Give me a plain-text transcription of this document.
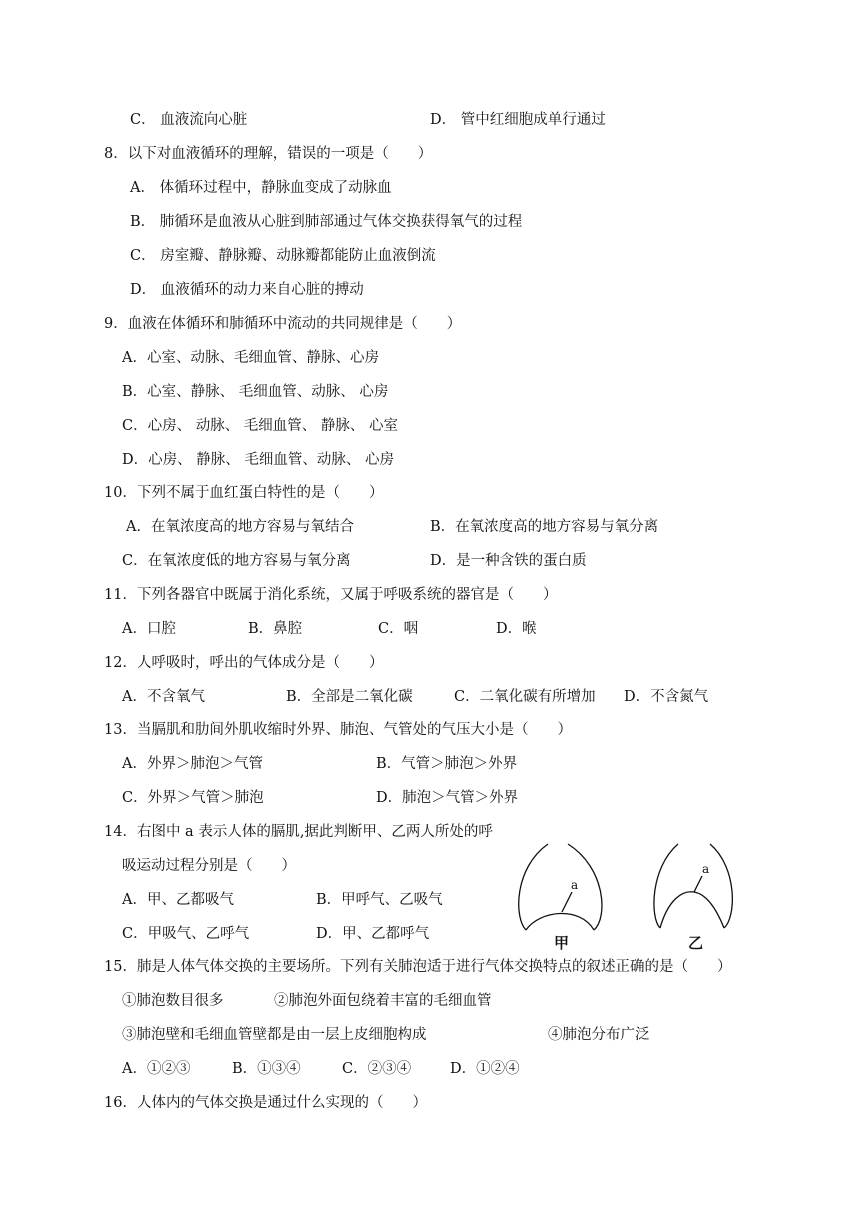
C． 血液流向心脏	D． 管中红细胞成单行通过
8．以下对血液循环的理解，错误的一项是（　　）
A． 体循环过程中，静脉血变成了动脉血
B． 肺循环是血液从心脏到肺部通过气体交换获得氧气的过程
C． 房室瓣、静脉瓣、动脉瓣都能防止血液倒流
D． 血液循环的动力来自心脏的搏动
9．血液在体循环和肺循环中流动的共同规律是（　　）
A．心室、动脉、毛细血管、静脉、心房
B．心室、静脉、 毛细血管、动脉、 心房
C．心房、 动脉、 毛细血管、 静脉、 心室
D．心房、 静脉、 毛细血管、动脉、 心房
10．下列不属于血红蛋白特性的是（　　）
A．在氧浓度高的地方容易与氧结合	B．在氧浓度高的地方容易与氧分离
C．在氧浓度低的地方容易与氧分离	D．是一种含铁的蛋白质
11．下列各器官中既属于消化系统，又属于呼吸系统的器官是（　　）
A．口腔	B．鼻腔	C．咽	D．喉
12．人呼吸时，呼出的气体成分是（　　）
A．不含氧气	B．全部是二氧化碳	C．二氧化碳有所增加 D．不含氮气
13．当膈肌和肋间外肌收缩时外界、肺泡、气管处的气压大小是（　　）
A．外界＞肺泡＞气管	B．气管＞肺泡＞外界
C．外界＞气管＞肺泡	D．肺泡＞气管＞外界
14．右图中 a 表示人体的膈肌,据此判断甲、乙两人所处的呼
吸运动过程分别是（　　）
A．甲、乙都吸气	B．甲呼气、乙吸气
C．甲吸气、乙呼气	D．甲、乙都呼气
a
a
甲	乙
15．肺是人体气体交换的主要场所。下列有关肺泡适于进行气体交换特点的叙述正确的是（　　）
①肺泡数目很多	②肺泡外面包绕着丰富的毛细血管
③肺泡壁和毛细血管壁都是由一层上皮细胞构成	④肺泡分布广泛
A．①②③	B．①③④	C．②③④	D．①②④
16．人体内的气体交换是通过什么实现的（　　）
